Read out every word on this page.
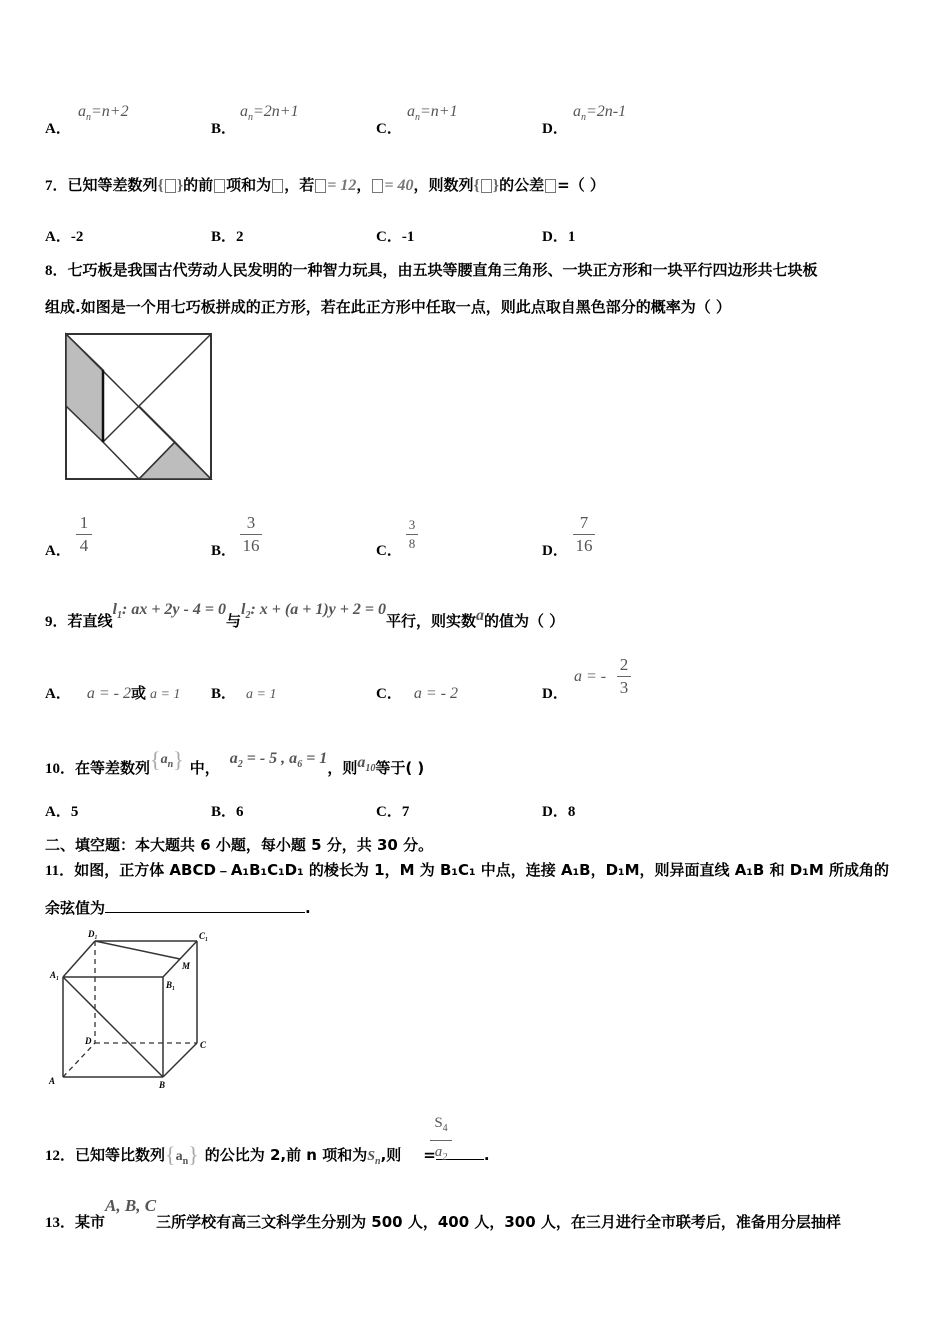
A．
$a_n=n+2$
B．
$a_n=2n+1$
C．
$a_n=n+1$
D．
$a_n=2n-1$
7．已知等差数列{ }的前 项和为 ，若 = 12， = 40，则数列{ }的公差 =（ ）
A．-2	B．2	C．-1	D．1
8．七巧板是我国古代劳动人民发明的一种智力玩具，由五块等腰直角三角形、一块正方形和一块平行四边形共七块板
组成.如图是一个用七巧板拼成的正方形，若在此正方形中任取一点，则此点取自黑色部分的概率为（ ）
A．
1
4	B．
3
16	C．
3
8	D．
7
16
9．若直线$l_1$: ax + 2y - 4 = 0与$l_2$: x + (a + 1)y + 2 = 0平行，则实数a的值为（ ）
A． a = - 2或 a = 1 B． a = 1	C． a = - 2	D．
a = -
2
3
10．在等差数列$\{a_n\}$ 中，$a_2$ = - 5 , $a_6 = 1$，则$a_{10}$等于( )
A．5	B．6	C．7	D．8
二、填空题：本大题共 6 小题，每小题 5 分，共 30 分。
11．如图，正方体 ABCD﹣A₁B₁C₁D₁ 的棱长为 1，M 为 B₁C₁ 中点，连接 A₁B，D₁M，则异面直线 A₁B 和 D₁M 所成角的
余弦值为	.
D₁	C₁
A₁
B₁
M
D	C
A	B
12．已知等比数列$\{a_n\}$ 的公比为 2,前 n 项和为$S_n$,则 =	.
$S_4$
$a_2$
13．某市A, B, C三所学校有高三文科学生分别为 500 人，400 人，300 人，在三月进行全市联考后，准备用分层抽样
